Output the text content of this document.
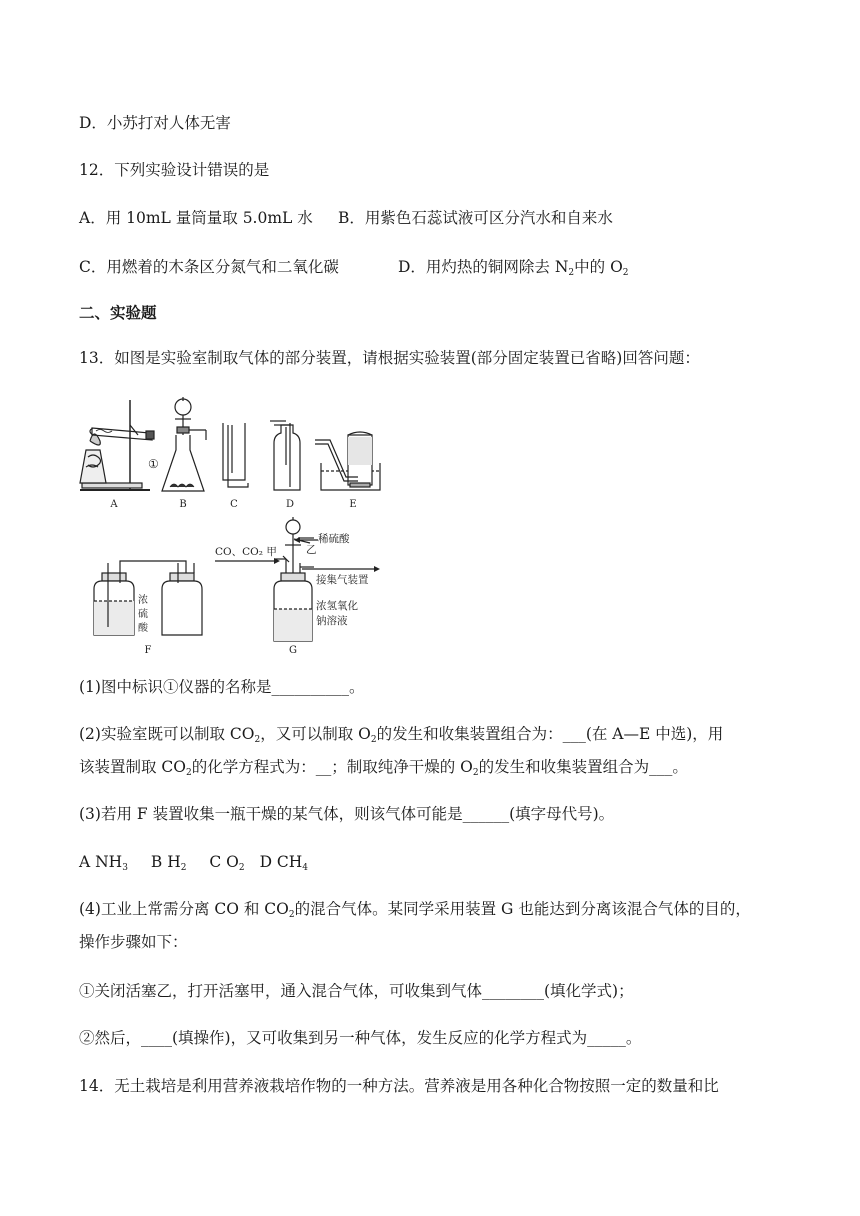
D．小苏打对人体无害
12．下列实验设计错误的是
A．用 10mL 量筒量取 5.0mL 水 B．用紫色石蕊试液可区分汽水和自来水
C．用燃着的木条区分氮气和二氧化碳	D．用灼热的铜网除去 $N_2$中的 $O_2$
二、实验题
13．如图是实验室制取气体的部分装置，请根据实验装置(部分固定装置已省略)回答问题：
A
①
B	C	D	E
浓
硫
酸
F
CO、CO₂ 甲	乙
稀硫酸
接集气装置
浓氢氧化
钠溶液
G
(1)图中标识①仪器的名称是__________。
(2)实验室既可以制取 $CO_2$，又可以制取 $O_2$的发生和收集装置组合为：___(在 A—E 中选)，用
该装置制取 $CO_2$的化学方程式为：__；制取纯净干燥的 $O_2$的发生和收集装置组合为___。
(3)若用 F 装置收集一瓶干燥的某气体，则该气体可能是______(填字母代号)。
A $NH_3$ B $H_2$ C $O_2$ D $CH_4$
(4)工业上常需分离 CO 和 $CO_2$的混合气体。某同学采用装置 G 也能达到分离该混合气体的目的，
操作步骤如下：
①关闭活塞乙，打开活塞甲，通入混合气体，可收集到气体________(填化学式)；
②然后，____(填操作)，又可收集到另一种气体，发生反应的化学方程式为_____。
14．无土栽培是利用营养液栽培作物的一种方法。营养液是用各种化合物按照一定的数量和比
